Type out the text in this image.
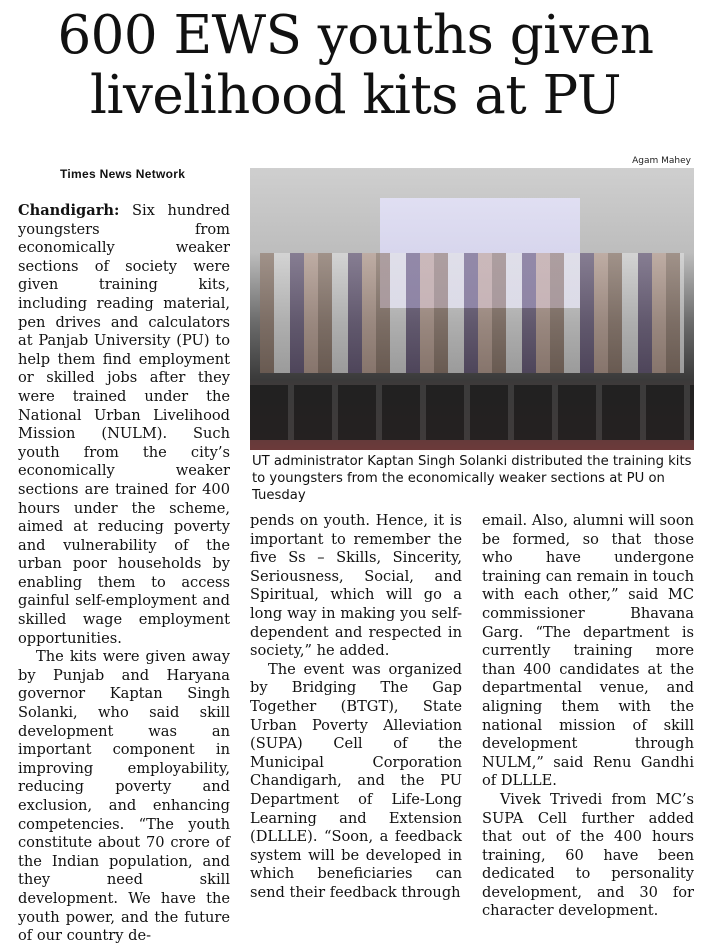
600 EWS youths given
livelihood kits at PU
Agam Mahey
Times News Network

UT administrator Kaptan Singh Solanki distributed the training kits to youngsters from the economically weaker sections at PU on Tuesday

Chandigarh: Six hundred youngsters from economically weaker sections of society were given training kits, including reading material, pen drives and calculators at Panjab University (PU) to help them find employment or skilled jobs after they were trained under the National Urban Livelihood Mission (NULM). Such youth from the city’s economically weaker sections are trained for 400 hours under the scheme, aimed at reducing poverty and vulnerability of the urban poor households by enabling them to access gainful self-employment and skilled wage employment opportunities.

The kits were given away by Punjab and Haryana governor Kaptan Singh Solanki, who said skill development was an important component in improving employability, reducing poverty and exclusion, and enhancing competencies. “The youth constitute about 70 crore of the Indian population, and they need skill development. We have the youth power, and the future of our country de-

pends on youth. Hence, it is important to remember the five Ss – Skills, Sincerity, Seriousness, Social, and Spiritual, which will go a long way in making you self-dependent and respected in society,” he added.

The event was organized by Bridging The Gap Together (BTGT), State Urban Poverty Alleviation (SUPA) Cell of the Municipal Corporation Chandigarh, and the PU Department of Life-Long Learning and Extension (DLLLE). “Soon, a feedback system will be developed in which beneficiaries can send their feedback through

email. Also, alumni will soon be formed, so that those who have undergone training can remain in touch with each other,” said MC commissioner Bhavana Garg. “The department is currently training more than 400 candidates at the departmental venue, and aligning them with the national mission of skill development through NULM,” said Renu Gandhi of DLLLE.

Vivek Trivedi from MC’s SUPA Cell further added that out of the 400 hours training, 60 have been dedicated to personality development, and 30 for character development.
